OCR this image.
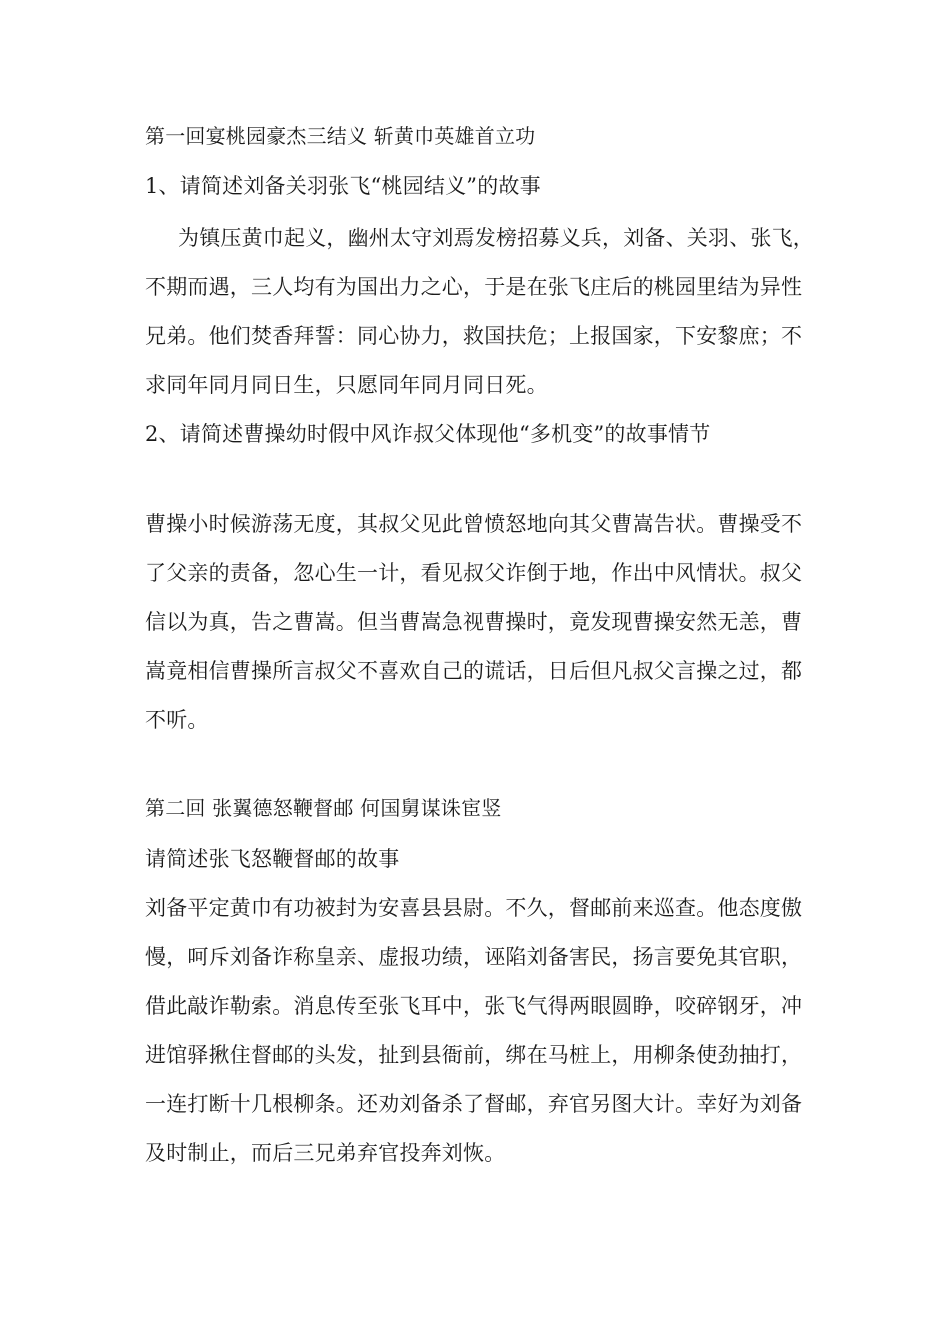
第一回宴桃园豪杰三结义 斩黄巾英雄首立功
1、请简述刘备关羽张飞“桃园结义”的故事
为镇压黄巾起义，幽州太守刘焉发榜招募义兵，刘备、关羽、张飞，
不期而遇，三人均有为国出力之心，于是在张飞庄后的桃园里结为异性
兄弟。他们焚香拜誓：同心协力，救国扶危；上报国家，下安黎庶；不
求同年同月同日生，只愿同年同月同日死。
2、请简述曹操幼时假中风诈叔父体现他“多机变”的故事情节
曹操小时候游荡无度，其叔父见此曾愤怒地向其父曹嵩告状。曹操受不
了父亲的责备，忽心生一计，看见叔父诈倒于地，作出中风情状。叔父
信以为真，告之曹嵩。但当曹嵩急视曹操时，竟发现曹操安然无恙，曹
嵩竟相信曹操所言叔父不喜欢自己的谎话，日后但凡叔父言操之过，都
不听。
第二回 张翼德怒鞭督邮 何国舅谋诛宦竖
请简述张飞怒鞭督邮的故事
刘备平定黄巾有功被封为安喜县县尉。不久，督邮前来巡查。他态度傲
慢，呵斥刘备诈称皇亲、虚报功绩，诬陷刘备害民，扬言要免其官职，
借此敲诈勒索。消息传至张飞耳中，张飞气得两眼圆睁，咬碎钢牙，冲
进馆驿揪住督邮的头发，扯到县衙前，绑在马桩上，用柳条使劲抽打，
一连打断十几根柳条。还劝刘备杀了督邮，弃官另图大计。幸好为刘备
及时制止，而后三兄弟弃官投奔刘恢。
